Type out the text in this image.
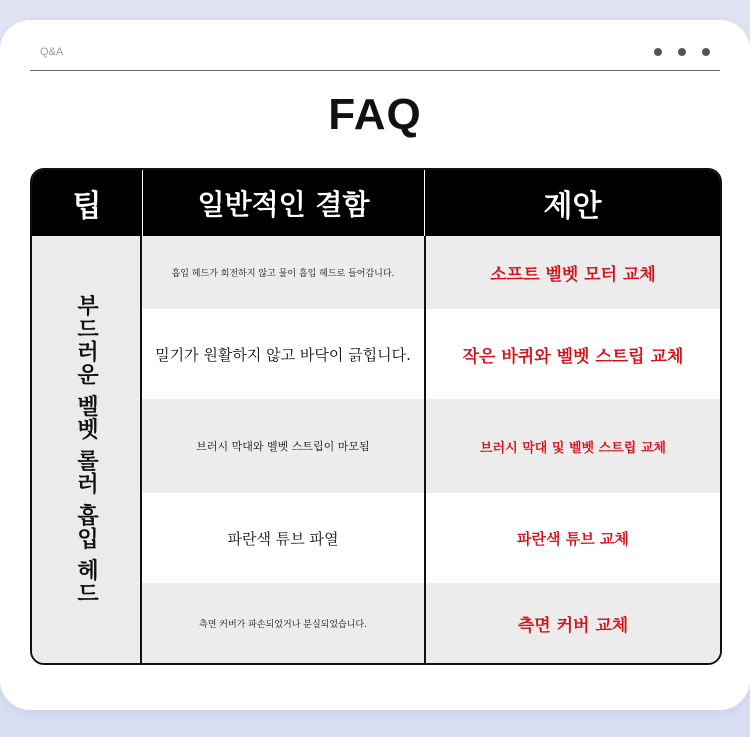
Q&A
FAQ
팁	일반적인 결함	제안
부드러운 벨벳 롤러 흡입 헤드
흡입 헤드가 회전하지 않고 물이 흡입 헤드로 들어갑니다.	소프트 벨벳 모터 교체
밀기가 원활하지 않고 바닥이 긁힙니다.	작은 바퀴와 벨벳 스트립 교체
브러시 막대와 벨벳 스트립이 마모됨	브러시 막대 및 벨벳 스트립 교체
파란색 튜브 파열	파란색 튜브 교체
측면 커버가 파손되었거나 분실되었습니다.	측면 커버 교체
